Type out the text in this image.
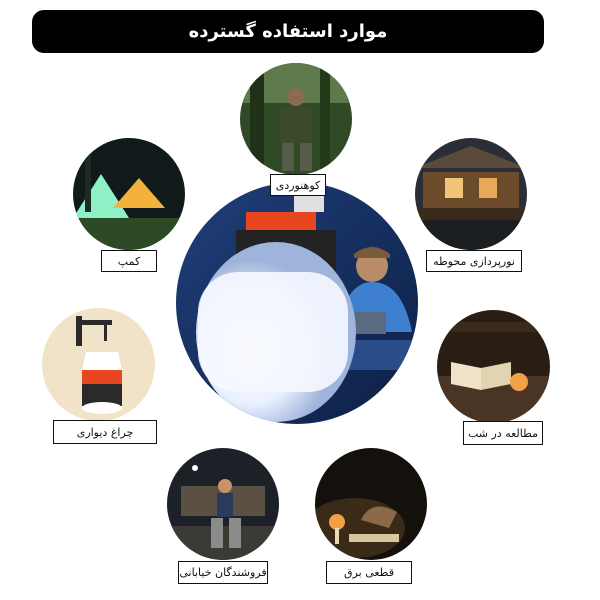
موارد استفاده گسترده
کوهنوردی
کمپ	نورپردازی محوطه
چراغ دیواری	مطالعه در شب
فروشندگان خیابانی	قطعی برق
